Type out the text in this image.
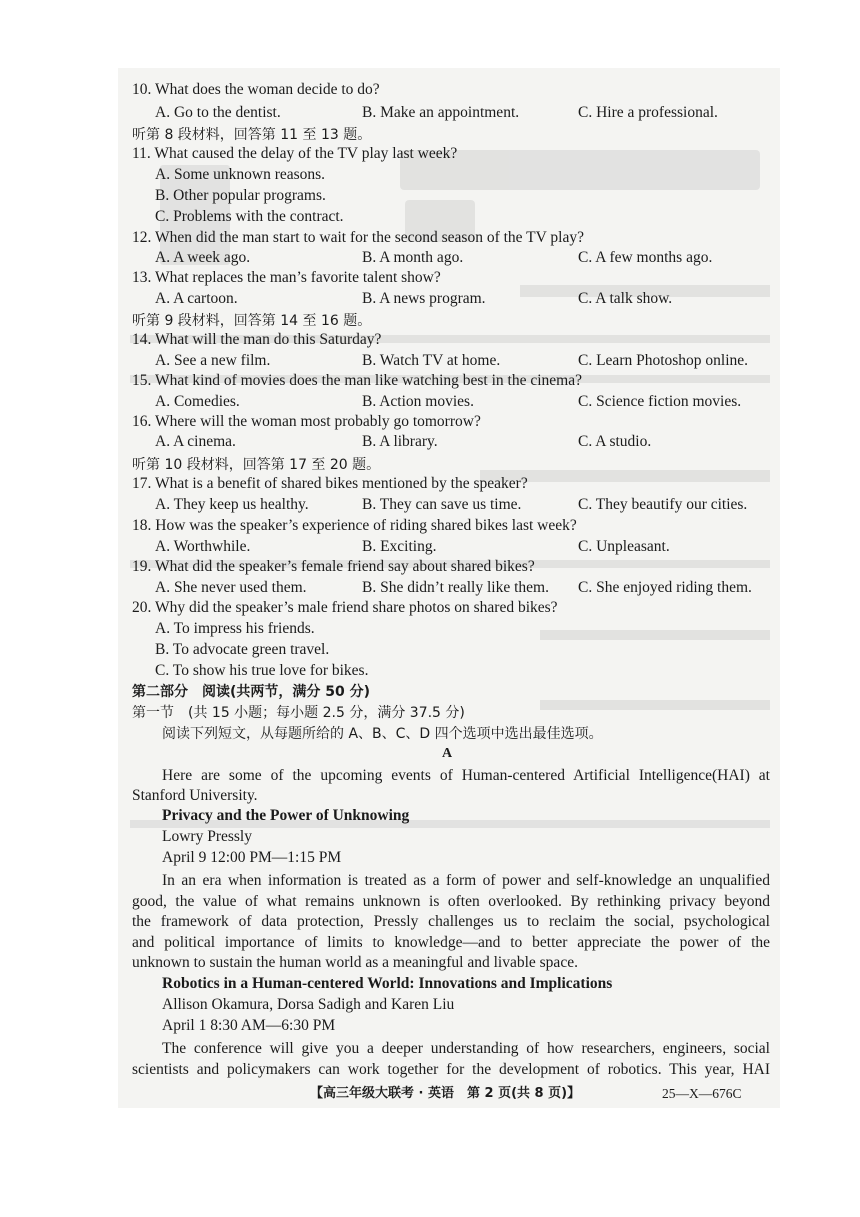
10. What does the woman decide to do?
A. Go to the dentist.	B. Make an appointment.	C. Hire a professional.
听第 8 段材料，回答第 11 至 13 题。
11. What caused the delay of the TV play last week?
A. Some unknown reasons.
B. Other popular programs.
C. Problems with the contract.
12. When did the man start to wait for the second season of the TV play?
A. A week ago.	B. A month ago.	C. A few months ago.
13. What replaces the man’s favorite talent show?
A. A cartoon.	B. A news program.	C. A talk show.
听第 9 段材料，回答第 14 至 16 题。
14. What will the man do this Saturday?
A. See a new film.	B. Watch TV at home.	C. Learn Photoshop online.
15. What kind of movies does the man like watching best in the cinema?
A. Comedies.	B. Action movies.	C. Science fiction movies.
16. Where will the woman most probably go tomorrow?
A. A cinema.	B. A library.	C. A studio.
听第 10 段材料，回答第 17 至 20 题。
17. What is a benefit of shared bikes mentioned by the speaker?
A. They keep us healthy.	B. They can save us time.	C. They beautify our cities.
18. How was the speaker’s experience of riding shared bikes last week?
A. Worthwhile.	B. Exciting.	C. Unpleasant.
19. What did the speaker’s female friend say about shared bikes?
A. She never used them.	B. She didn’t really like them. C. She enjoyed riding them.
20. Why did the speaker’s male friend share photos on shared bikes?
A. To impress his friends.
B. To advocate green travel.
C. To show his true love for bikes.
第二部分　阅读(共两节，满分 50 分)
第一节　(共 15 小题；每小题 2.5 分，满分 37.5 分)
阅读下列短文，从每题所给的 A、B、C、D 四个选项中选出最佳选项。
A
Here are some of the upcoming events of Human-centered Artificial Intelligence(HAI) at
Stanford University.
Privacy and the Power of Unknowing
Lowry Pressly
April 9 12:00 PM—1:15 PM
In an era when information is treated as a form of power and self-knowledge an unqualified
good, the value of what remains unknown is often overlooked. By rethinking privacy beyond
the framework of data protection, Pressly challenges us to reclaim the social, psychological
and political importance of limits to knowledge—and to better appreciate the power of the
unknown to sustain the human world as a meaningful and livable space.
Robotics in a Human-centered World: Innovations and Implications
Allison Okamura, Dorsa Sadigh and Karen Liu
April 1 8:30 AM—6:30 PM
The conference will give you a deeper understanding of how researchers, engineers, social
scientists and policymakers can work together for the development of robotics. This year, HAI
【高三年级大联考 · 英语　第 2 页(共 8 页)】	25—X—676C
